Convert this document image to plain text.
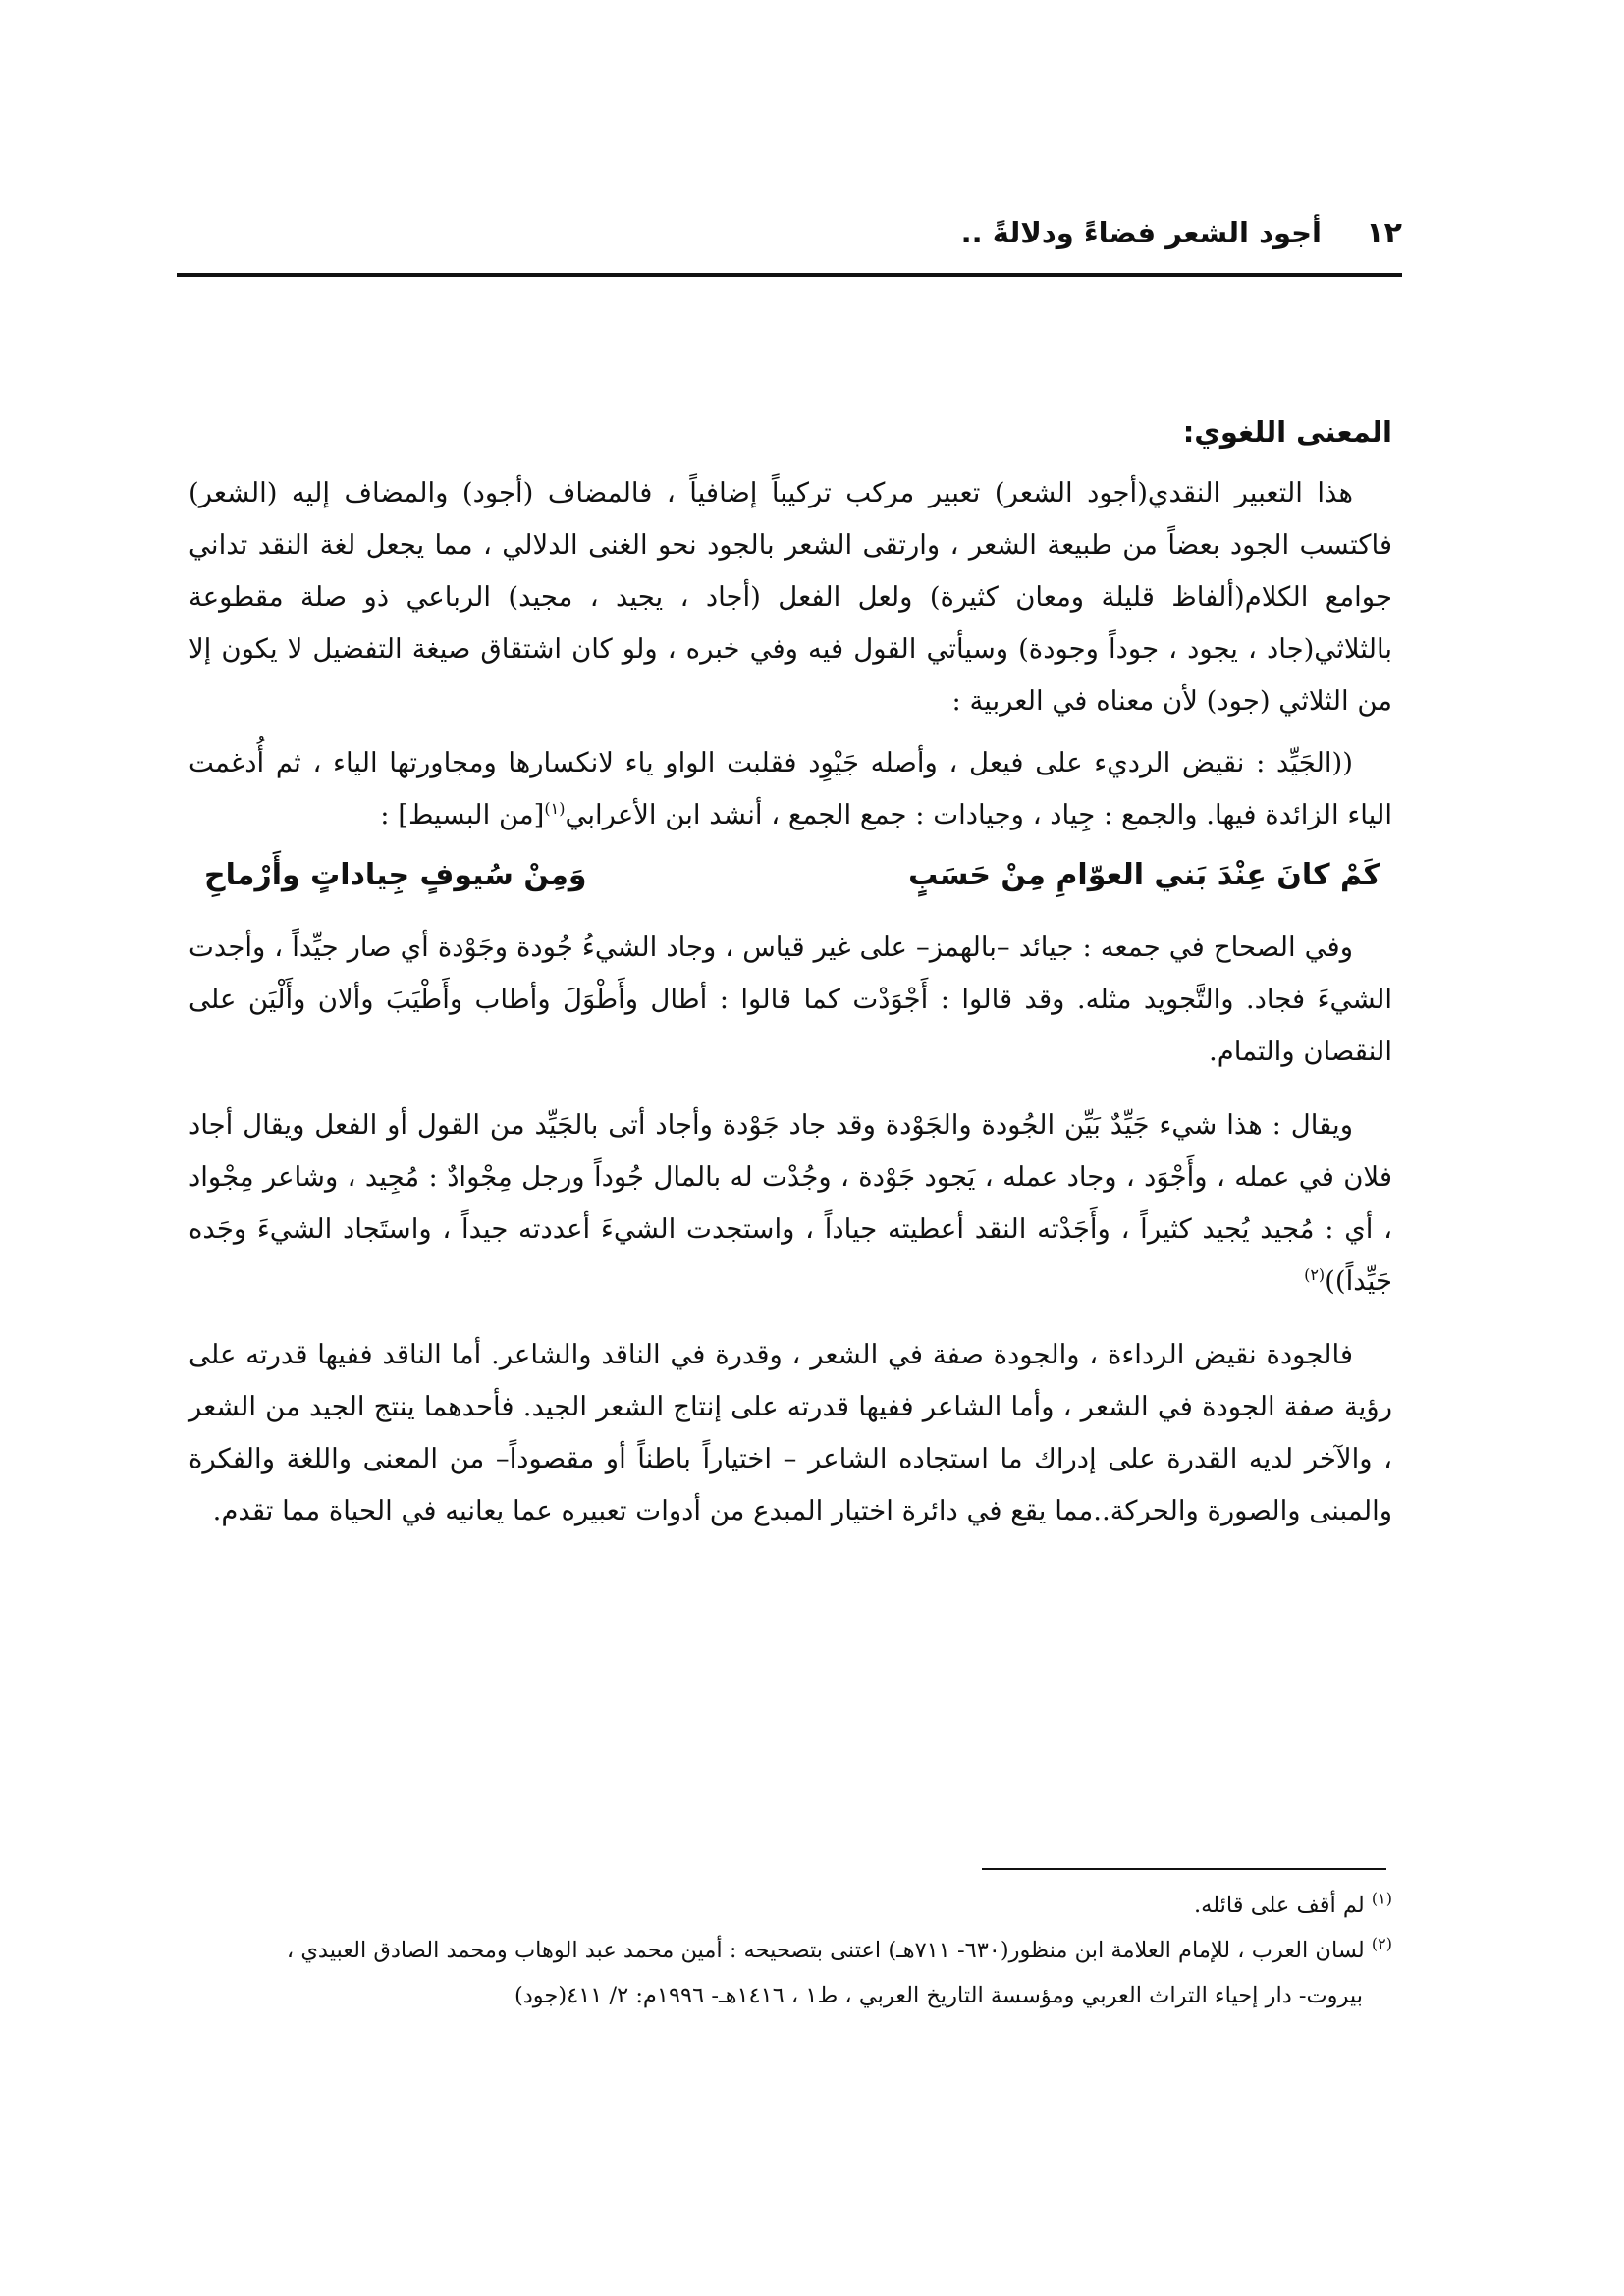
١٢
أجود الشعر فضاءً ودلالةً ..
المعنى اللغوي:

هذا التعبير النقدي(أجود الشعر) تعبير مركب تركيباً إضافياً ، فالمضاف (أجود) والمضاف إليه (الشعر) فاكتسب الجود بعضاً من طبيعة الشعر ، وارتقى الشعر بالجود نحو الغنى الدلالي ، مما يجعل لغة النقد تداني جوامع الكلام(ألفاظ قليلة ومعان كثيرة) ولعل الفعل (أجاد ، يجيد ، مجيد) الرباعي ذو صلة مقطوعة بالثلاثي(جاد ، يجود ، جوداً وجودة) وسيأتي القول فيه وفي خبره ، ولو كان اشتقاق صيغة التفضيل لا يكون إلا من الثلاثي (جود) لأن معناه في العربية :

((الجَيِّد : نقيض الرديء على فيعل ، وأصله جَيْوِد فقلبت الواو ياء لانكسارها ومجاورتها الياء ، ثم أُدغمت الياء الزائدة فيها. والجمع : جِياد ، وجيادات : جمع الجمع ، أنشد ابن الأعرابي$^{(١)}$[من البسيط] :

كَمْ كانَ عِنْدَ بَني العوّامِ مِنْ حَسَبٍ
وَمِنْ سُيوفٍ جِياداتٍ وأَرْماحِ

وفي الصحاح في جمعه : جيائد –بالهمز– على غير قياس ، وجاد الشيءُ جُودة وجَوْدة أي صار جيِّداً ، وأجدت الشيءَ فجاد. والتَّجويد مثله. وقد قالوا : أَجْوَدْت كما قالوا : أطال وأَطْوَلَ وأطاب وأَطْيَبَ وألان وأَلْيَن على النقصان والتمام.

ويقال : هذا شيء جَيِّدٌ بَيِّن الجُودة والجَوْدة وقد جاد جَوْدة وأجاد أتى بالجَيِّد من القول أو الفعل ويقال أجاد فلان في عمله ، وأَجْوَد ، وجاد عمله ، يَجود جَوْدة ، وجُدْت له بالمال جُوداً ورجل مِجْوادٌ : مُجِيد ، وشاعر مِجْواد ، أي : مُجيد يُجيد كثيراً ، وأَجَدْته النقد أعطيته جياداً ، واستجدت الشيءَ أعددته جيداً ، واستَجاد الشيءَ وجَده جَيِّداً))$^{(٢)}$

فالجودة نقيض الرداءة ، والجودة صفة في الشعر ، وقدرة في الناقد والشاعر. أما الناقد ففيها قدرته على رؤية صفة الجودة في الشعر ، وأما الشاعر ففيها قدرته على إنتاج الشعر الجيد. فأحدهما ينتج الجيد من الشعر ، والآخر لديه القدرة على إدراك ما استجاده الشاعر – اختياراً باطناً أو مقصوداً– من المعنى واللغة والفكرة والمبنى والصورة والحركة..مما يقع في دائرة اختيار المبدع من أدوات تعبيره عما يعانيه في الحياة مما تقدم.

$^{(١)}$ لم أقف على قائله.

$^{(٢)}$ لسان العرب ، للإمام العلامة ابن منظور(٦٣٠- ٧١١هـ) اعتنى بتصحيحه : أمين محمد عبد الوهاب ومحمد الصادق العبيدي ،

بيروت- دار إحياء التراث العربي ومؤسسة التاريخ العربي ، ط١ ، ١٤١٦هـ- ١٩٩٦م: ٢/ ٤١١(جود)
